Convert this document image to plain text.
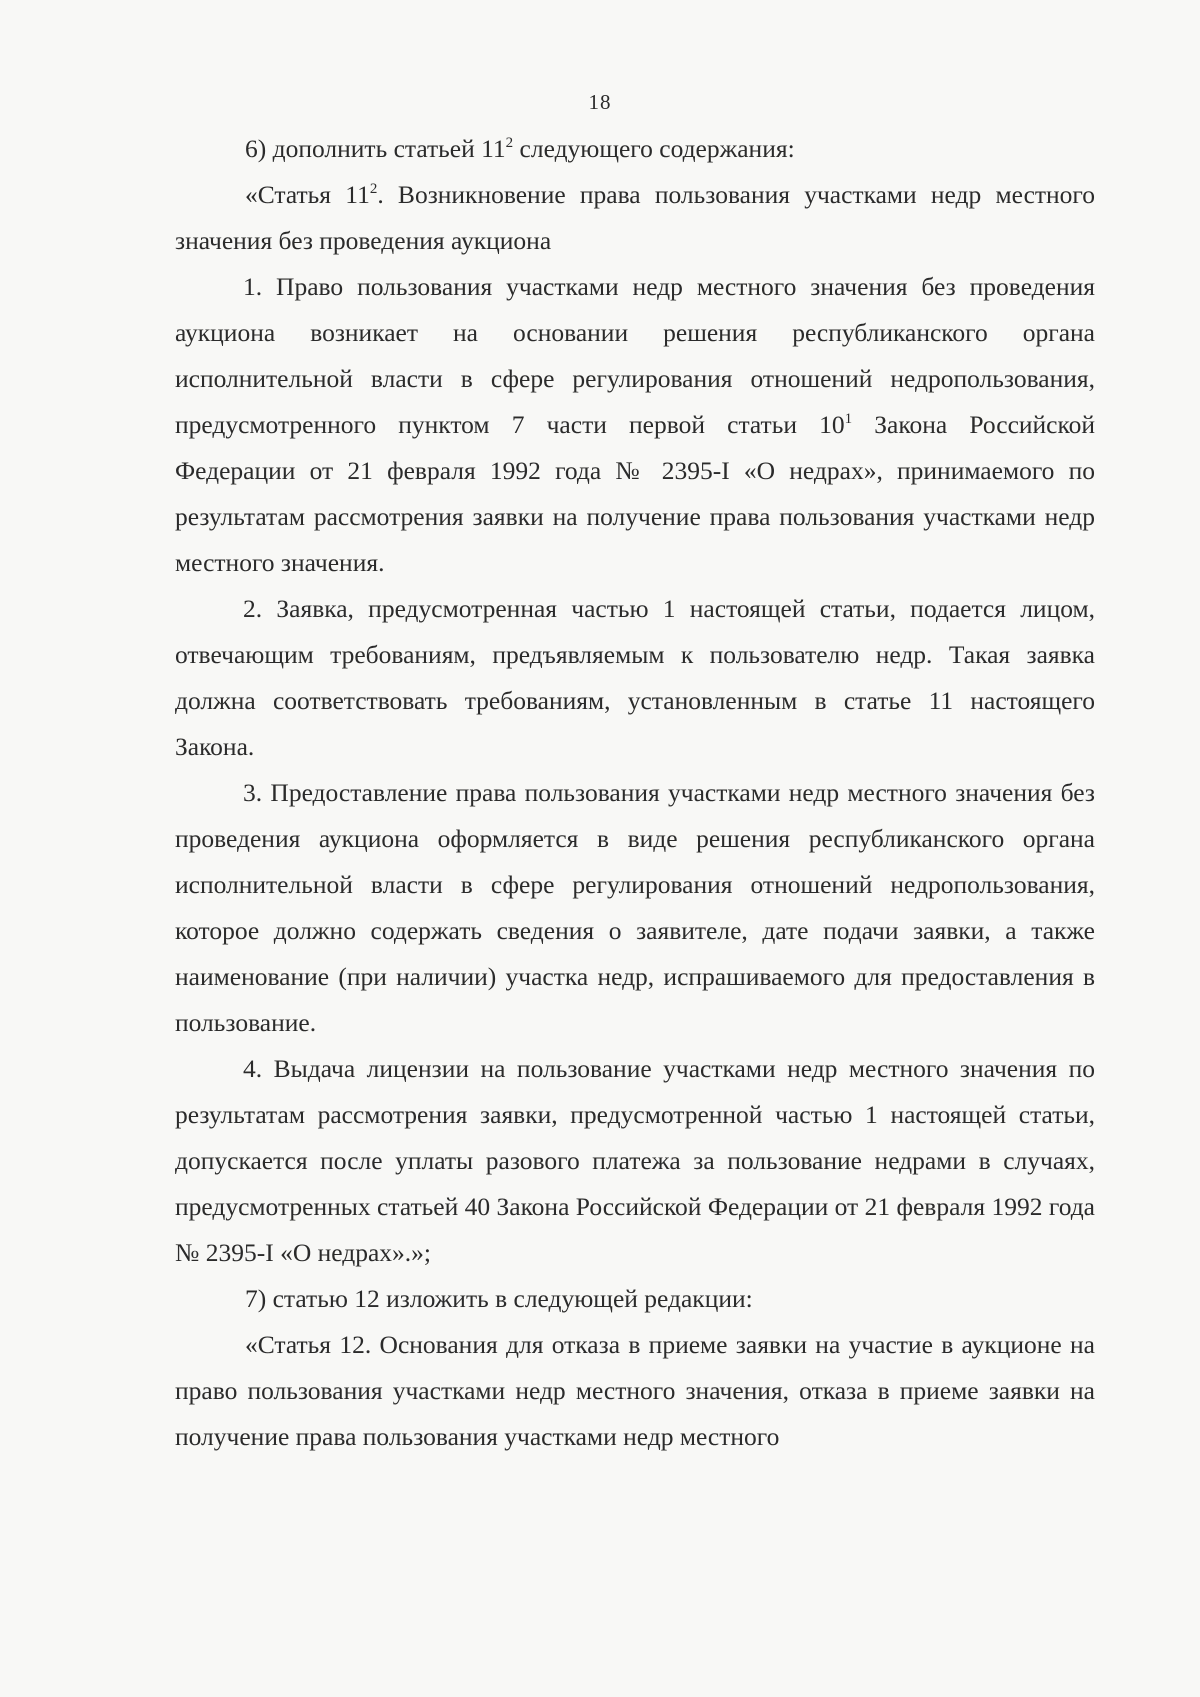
18

6) дополнить статьей $11^2$ следующего содержания:

«Статья $11^2$. Возникновение права пользования участками недр местного значения без проведения аукциона

1. Право пользования участками недр местного значения без проведения аукциона возникает на основании решения республиканского органа исполнительной власти в сфере регулирования отношений недропользования, предусмотренного пунктом 7 части первой статьи $10^1$ Закона Российской Федерации от 21 февраля 1992 года № 2395-I «О недрах», принимаемого по результатам рассмотрения заявки на получение права пользования участками недр местного значения.

2. Заявка, предусмотренная частью 1 настоящей статьи, подается лицом, отвечающим требованиям, предъявляемым к пользователю недр. Такая заявка должна соответствовать требованиям, установленным в статье 11 настоящего Закона.

3. Предоставление права пользования участками недр местного значения без проведения аукциона оформляется в виде решения республиканского органа исполнительной власти в сфере регулирования отношений недропользования, которое должно содержать сведения о заявителе, дате подачи заявки, а также наименование (при наличии) участка недр, испрашиваемого для предоставления в пользование.

4. Выдача лицензии на пользование участками недр местного значения по результатам рассмотрения заявки, предусмотренной частью 1 настоящей статьи, допускается после уплаты разового платежа за пользование недрами в случаях, предусмотренных статьей 40 Закона Российской Федерации от 21 февраля 1992 года № 2395-I «О недрах».»;

7) статью 12 изложить в следующей редакции:

«Статья 12. Основания для отказа в приеме заявки на участие в аукционе на право пользования участками недр местного значения, отказа в приеме заявки на получение права пользования участками недр местного
